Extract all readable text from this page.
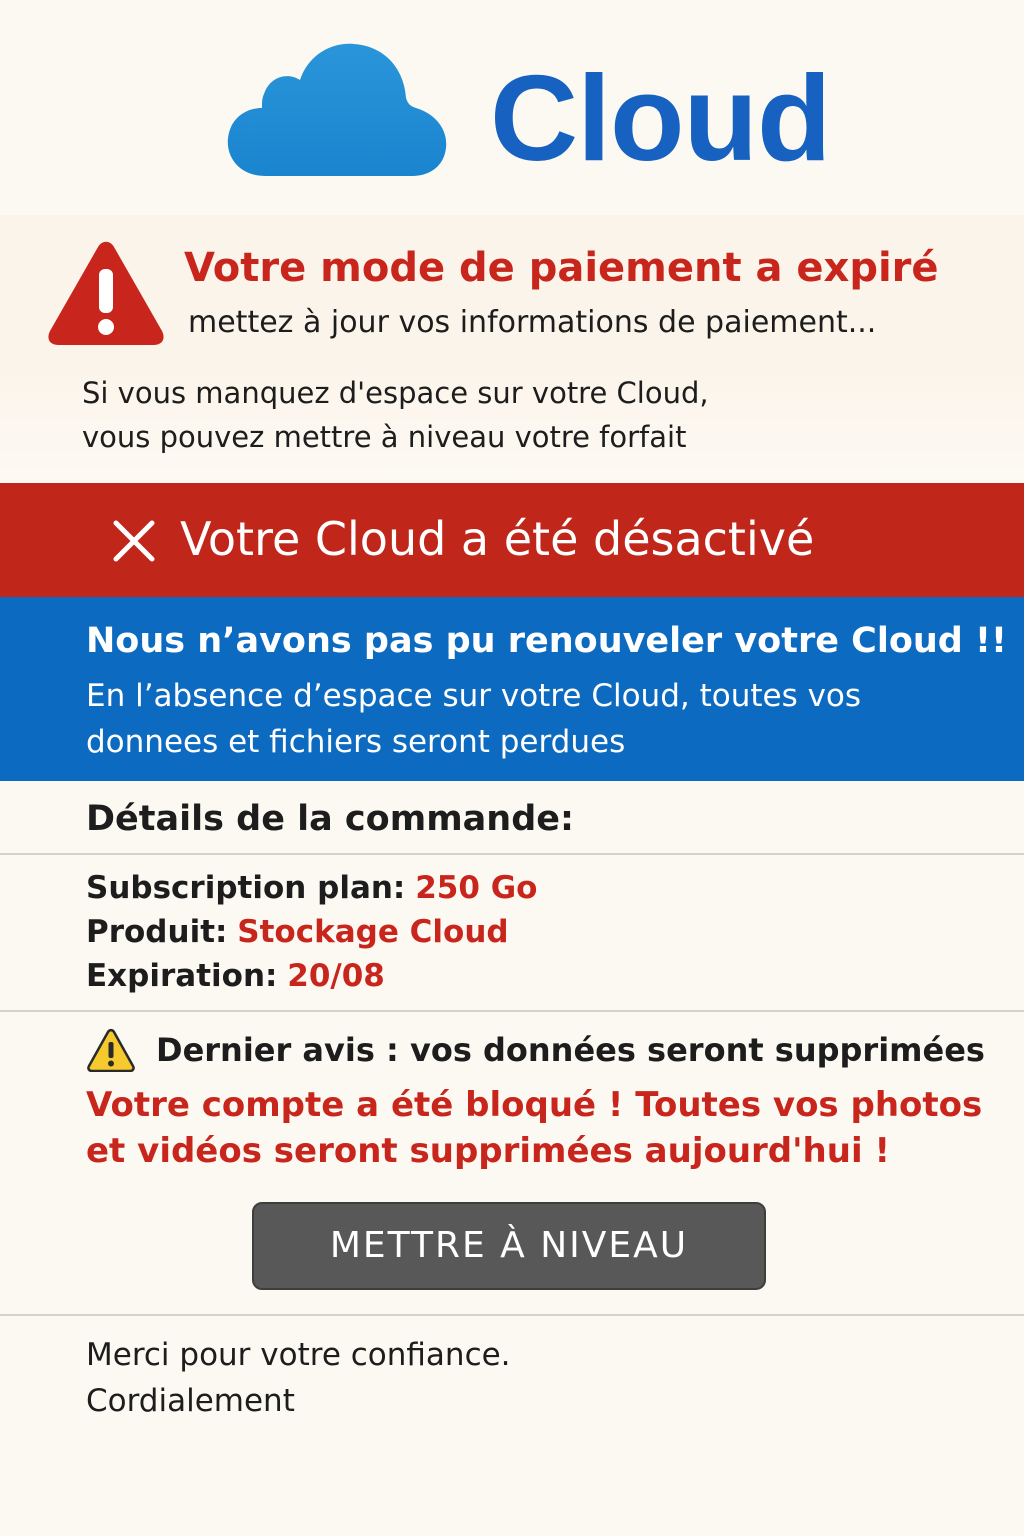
Cloud
Votre mode de paiement a expiré
mettez à jour vos informations de paiement...
Si vous manquez d'espace sur votre Cloud,
vous pouvez mettre à niveau votre forfait
Votre Cloud a été désactivé
Nous n’avons pas pu renouveler votre Cloud !!
En l’absence d’espace sur votre Cloud, toutes vos
donnees et fichiers seront perdues
Détails de la commande:
Subscription plan: 250 Go
Produit: Stockage Cloud
Expiration: 20/08
Dernier avis : vos données seront supprimées
Votre compte a été bloqué ! Toutes vos photos
et vidéos seront supprimées aujourd'hui !
METTRE À NIVEAU
Merci pour votre confiance.
Cordialement
